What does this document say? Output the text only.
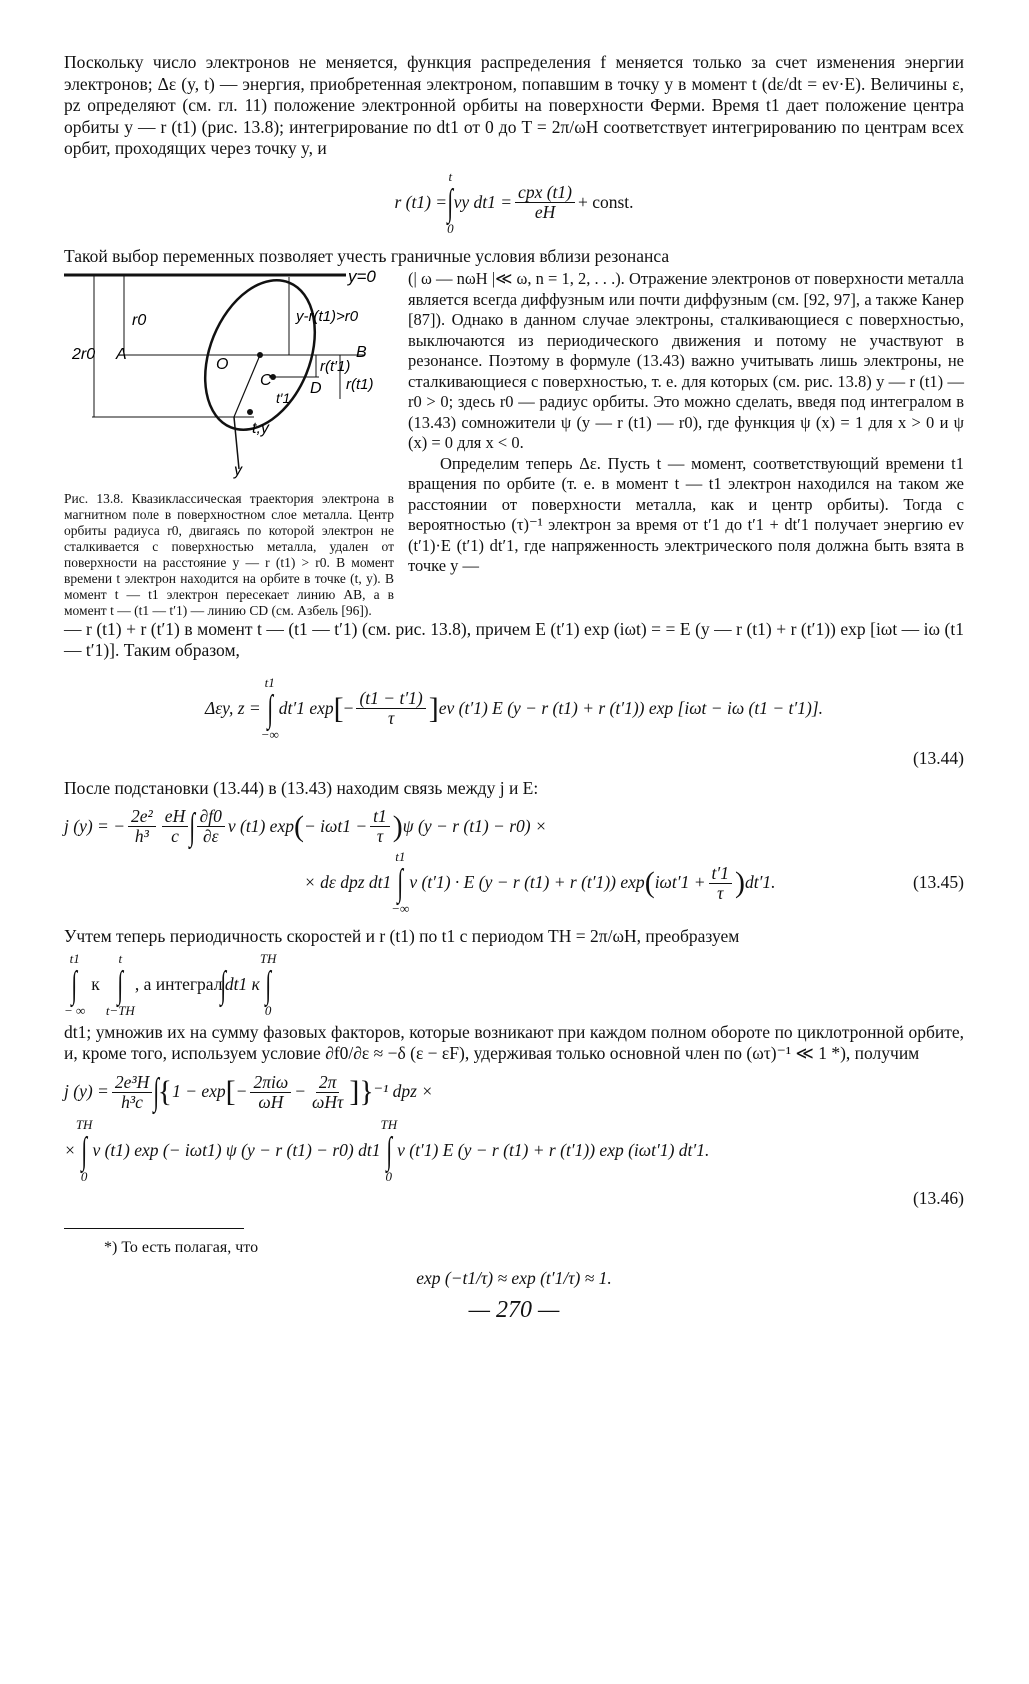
Поскольку число электронов не меняется, функция распределения f меняется только за счет изменения энергии электронов; Δε (y, t) — энергия, приобретенная электроном, попавшим в точку y в момент t (dε/dt = ev·E). Величины ε, pz определяют (см. гл. 11) положение электронной орбиты на поверхности Ферми. Время t1 дает положение центра орбиты y — r (t1) (рис. 13.8); интегрирование по dt1 от 0 до T = 2π/ωH соответствует интегрированию по центрам всех орбит, проходящих через точку y, и

r (t1) =
t
∫
0
vy $dt1 = \frac{\text{cpx (t1)}}{eH}$ + const.

Такой выбор переменных позволяет учесть граничные условия вблизи резонанса

y=0
r0
2r0 A
O
B
C D
t′1
t,y
y
y-r(t1)>r0
r(t′1)
r(t1)

Рис. 13.8. Квазиклассическая траектория электрона в магнитном поле в поверхностном слое металла. Центр орбиты радиуса r0, двигаясь по которой электрон не сталкивается с поверхностью металла, удален от поверхности на расстояние y — r (t1) > r0. В момент времени t электрон находится на орбите в точке (t, y). В момент t — t1 электрон пересекает линию AB, а в момент t — (t1 — t′1) — линию CD (см. Азбель [96]).

(| ω — nωH |≪ ω, n = 1, 2, . . .). Отражение электронов от поверхности металла является всегда диффузным или почти диффузным (см. [92, 97], а также Канер [87]). Однако в данном случае электроны, сталкивающиеся с поверхностью, выключаются из периодического движения и потому не участвуют в резонансе. Поэтому в формуле (13.43) важно учитывать лишь электроны, не сталкивающиеся с поверхностью, т. е. для которых (см. рис. 13.8) y — r (t1) — r0 > 0; здесь r0 — радиус орбиты. Это можно сделать, введя под интегралом в (13.43) сомножители ψ (y — r (t1) — r0), где функция ψ (x) = 1 для x > 0 и ψ (x) = 0 для x < 0.

Определим теперь Δε. Пусть t — момент, соответствующий времени t1 вращения по орбите (т. е. в момент t — t1 электрон находился на таком же расстоянии от поверхности металла, как и центр орбиты). Тогда с вероятностью (τ)⁻¹ электрон за время от t′1 до t′1 + dt′1 получает энергию ev (t′1)·E (t′1) dt′1, где напряженность электрического поля должна быть взята в точке y —

— r (t1) + r (t′1) в момент t — (t1 — t′1) (см. рис. 13.8), причем E (t′1) exp (iωt) = = E (y — r (t1) + r (t′1)) exp [iωt — iω (t1 — t′1)]. Таким образом,

Δεy, z =
t1
∫
−∞
dt′1 exp [ − $\frac{(t1 - t'1)}{\tau}$ ] ev (t′1) E (y − r (t1) + r (t′1)) exp [iωt − iω (t1 − t′1)].
(13.44)

После подстановки (13.44) в (13.43) находим связь между j и E:

j (y) = − $\frac{\text{2e²}}{\text{h³}} \frac{eH}{c}$ ∫ $\frac{\partial f0}{\partial\varepsilon}$ v (t1) exp ( − $i\omega t1 - \frac{t1}{\tau}$ ) ψ (y − r (t1) − r0) ×
× dε dpz dt1
t1
∫
−∞
v (t′1) · E (y − r (t1) + r (t′1)) exp ( $i\omega t'1 + \frac{t'1}{\tau}$ ) dt′1.	(13.45)

Учтем теперь периодичность скоростей и r (t1) по t1 с периодом TH = 2π/ωH, преобразуем

t1
∫
− ∞
к
t
∫
t−TH
, а интеграл
∫
dt1 к
TH
∫
0

dt1; умножив их на сумму фазовых факторов, которые возникают при каждом полном обороте по циклотронной орбите, и, кроме того, используем условие ∂f0/∂ε ≈ −δ (ε − εF), удерживая только основной член по (ωτ)⁻¹ ≪ 1 *), получим

j $(y) = \frac{\text{2e³H}}{\text{h³c}}$ ∫
{ 1 − exp [ − $\frac{\text{2πiω}}{\omega H} - \frac{2\pi}{\text{ωHτ}}$ ] } ⁻¹ dpz ×
×
TH
∫
0
v (t1) exp (− iωt1) ψ (y − r (t1) − r0) dt1
TH
∫
0
v (t′1) E (y − r (t1) + r (t′1)) exp (iωt′1) dt′1.
(13.46)

*) То есть полагая, что

exp (−t1/τ) ≈ exp (t′1/τ) ≈ 1.
— 270 —
